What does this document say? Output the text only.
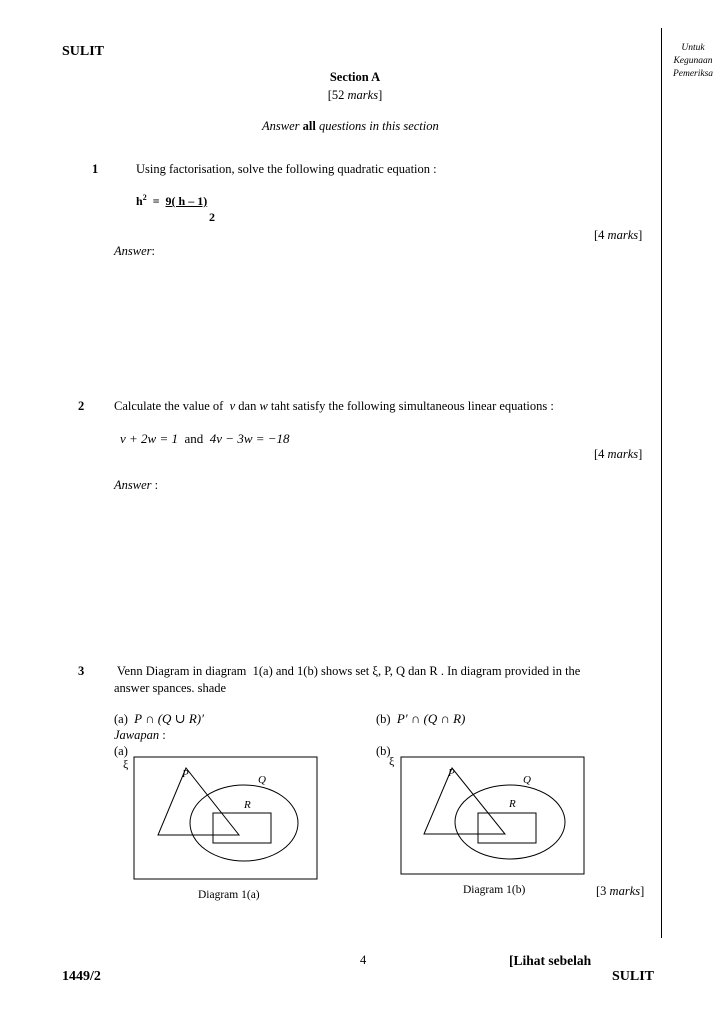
SULIT	Untuk
Kegunaan
Pemeriksa
Section A
[52 marks]
Answer all questions in this section
1	Using factorisation, solve the following quadratic equation :
$h^2 = 9$( h – 1)
2
[4 marks]
Answer:
2 Calculate the value of  v dan w taht satisfy the following simultaneous linear equations :
v + 2w = 1  and  4v − 3w = −18
[4 marks]
Answer :
3 Venn Diagram in diagram  1(a) and 1(b) shows set ξ, P, Q dan R . In diagram provided in the
answer spances. shade
(a) P ∩ (Q ∪ R)′	(b) P′ ∩ (Q ∩ R)
Jawapan :
(a)	(b)
ξ
P	Q
R
ξ
P
Q
R
Diagram 1(a)	Diagram 1(b)	[3 marks]
4	[Lihat sebelah
1449/2	SULIT
